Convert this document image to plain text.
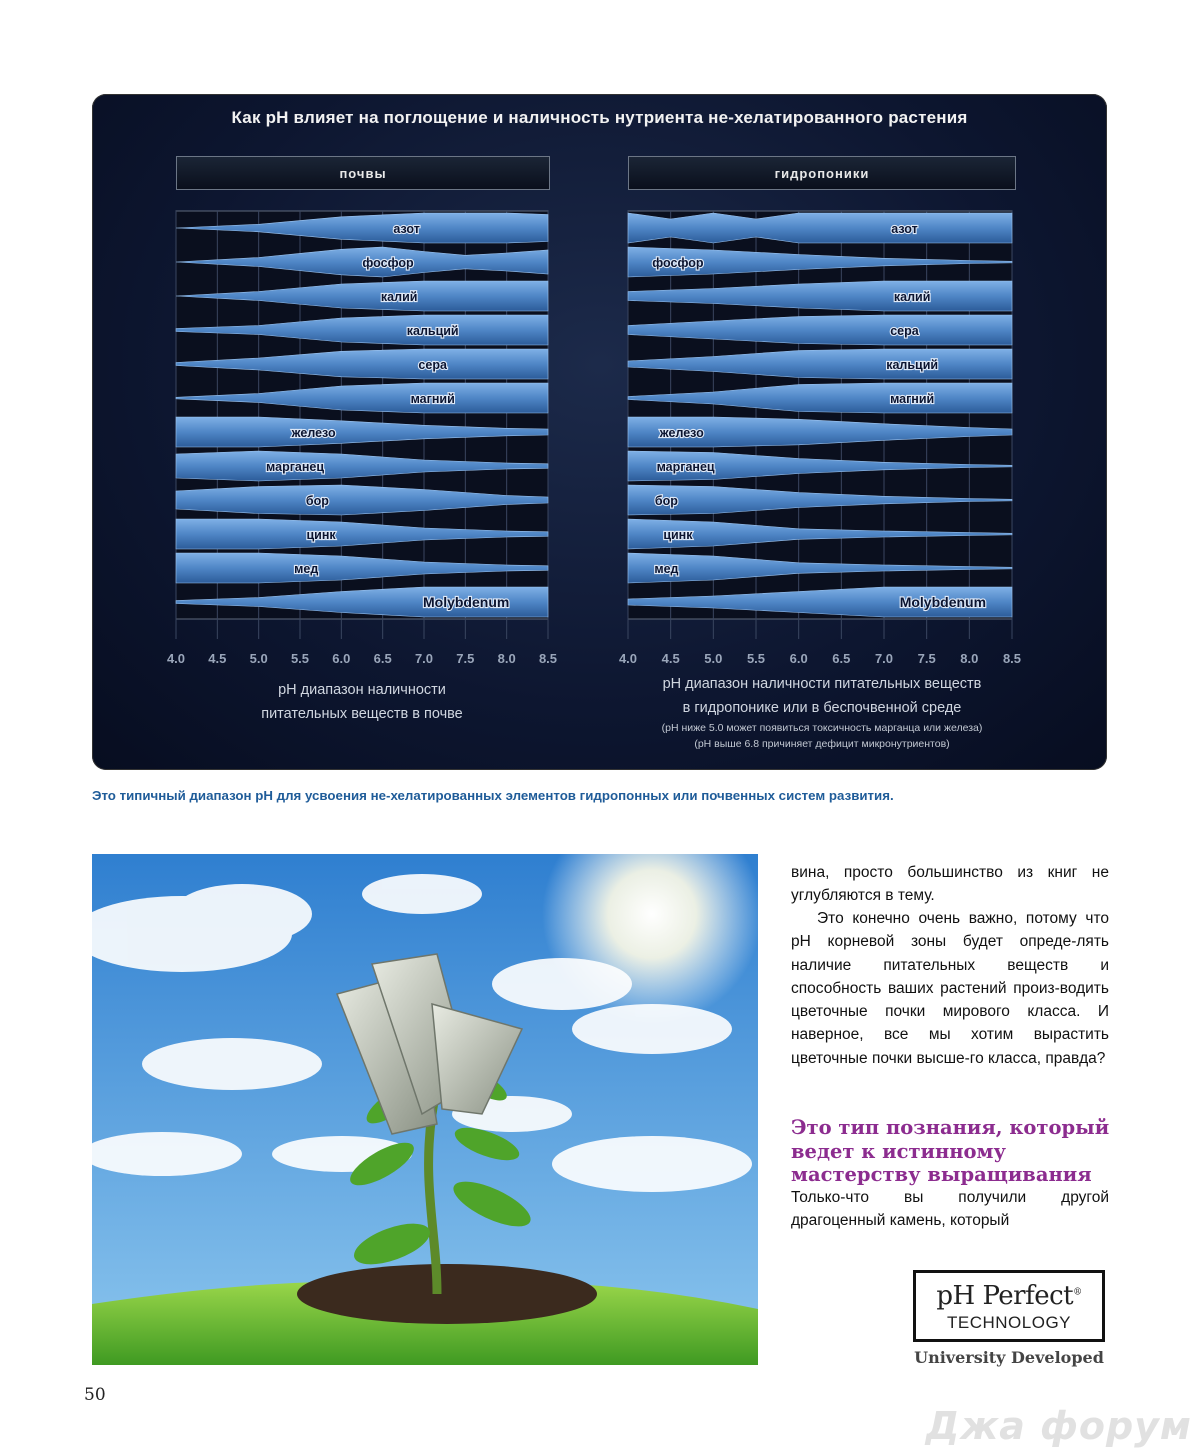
Как pH влияет на поглощение и наличность нутриента не-хелатированного растения
почвы	гидропоники
азот
фосфор
калий
кальций
сера
магний
железо
марганец
бор
цинк
мед
Molybdenum
4.0 4.5 5.0 5.5 6.0 6.5 7.0 7.5 8.0 8.5
азот
фосфор
калий
сера
кальций
магний
железо
марганец
бор
цинк
мед
Molybdenum
4.0 4.5 5.0 5.5 6.0 6.5 7.0 7.5 8.0 8.5
pH диапазон наличности
питательных веществ в почве
pH диапазон наличности питательных веществ
в гидропонике или в беспочвенной среде
(pH ниже 5.0 может появиться токсичность марганца или железа)
(pH выше 6.8 причиняет дефицит микронутриентов)
Это типичный диапазон pH для усвоения не-хелатированных элементов гидропонных или почвенных систем развития.

вина, просто большинство из книг не углубляются в тему.

Это конечно очень важно, потому что pH корневой зоны будет опреде-лять наличие питательных веществ и способность ваших растений произ-водить цветочные почки мирового класса. И наверное, все мы хотим вырастить цветочные почки высше-го класса, правда?

Это тип познания, который ведет к истинному мастерству выращивания

Только-что вы получили другой драгоценный камень, который

pH Perfect®
TECHNOLOGY
University Developed
50
Джа форум
